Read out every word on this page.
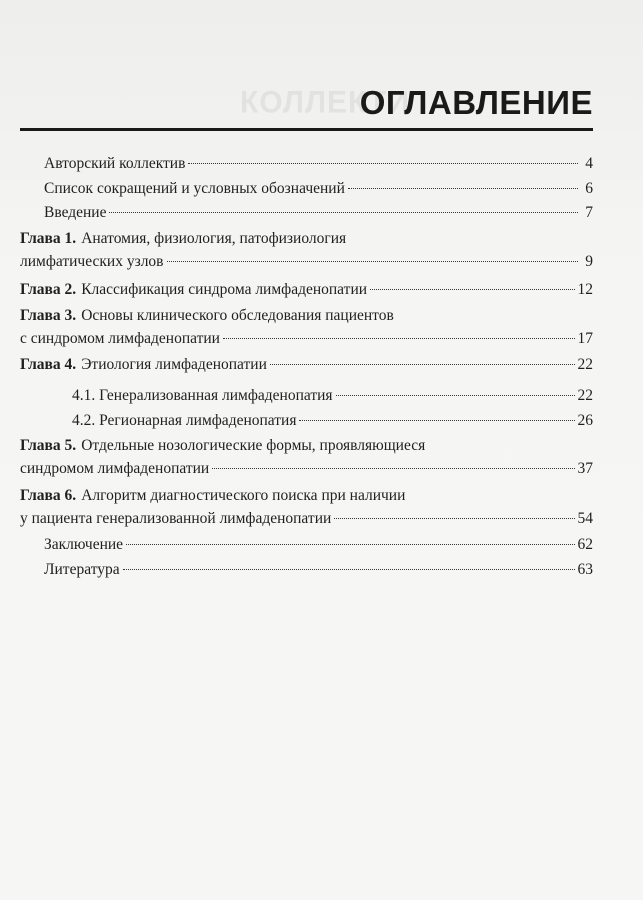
КОЛЛЕКТИ
ОГЛАВЛЕНИЕ
Авторский коллектив	4
Список сокращений и условных обозначений	6
Введение	7
Глава 1. Анатомия, физиология, патофизиология
лимфатических узлов	9
Глава 2. Классификация синдрома лимфаденопатии	12
Глава 3. Основы клинического обследования пациентов
с синдромом лимфаденопатии	17
Глава 4. Этиология лимфаденопатии	22
4.1. Генерализованная лимфаденопатия	22
4.2. Регионарная лимфаденопатия	26
Глава 5. Отдельные нозологические формы, проявляющиеся
синдромом лимфаденопатии	37
Глава 6. Алгоритм диагностического поиска при наличии
у пациента генерализованной лимфаденопатии	54
Заключение	62
Литература	63
